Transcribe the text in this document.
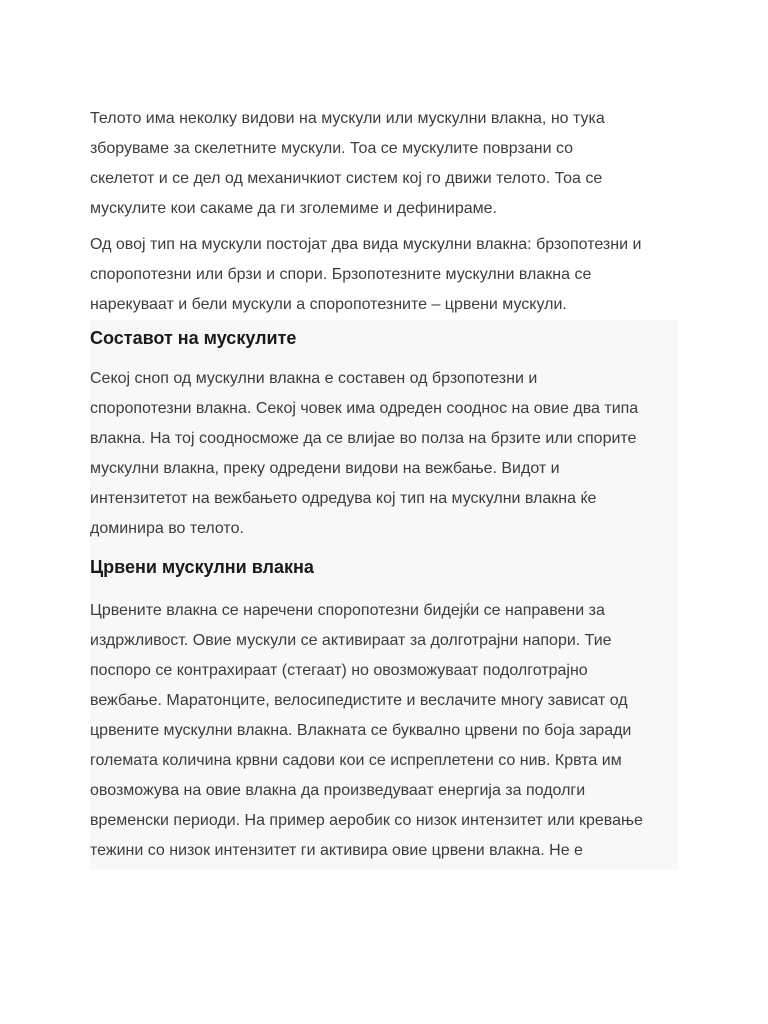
Телото има неколку видови на мускули или мускулни влакна, но тука
зборуваме за скелетните мускули. Тоа се мускулите поврзани со
скелетот и се дел од механичкиот систем кој го движи телото. Тоа се
мускулите кои сакаме да ги зголемиме и дефинираме.

Од овој тип на мускули постојат два вида мускулни влакна: брзопотезни и
споропотезни или брзи и спори. Брзопотезните мускулни влакна се
нарекуваат и бели мускули а споропотезните – црвени мускули.

Составот на мускулите

Секој сноп од мускулни влакна е составен од брзопотезни и
споропотезни влакна. Секој човек има одреден сооднос на овие два типа
влакна. На тој соодносможе да се влијае во полза на брзите или спорите
мускулни влакна, преку одредени видови на вежбање. Видот и
интензитетот на вежбањето одредува кој тип на мускулни влакна ќе
доминира во телото.

Црвени мускулни влакна

Црвените влакна се наречени споропотезни бидејќи се направени за
издржливост. Овие мускули се активираат за долготрајни напори. Тие
поспоро се контрахираат (стегаат) но овозможуваат подолготрајно
вежбање. Маратонците, велосипедистите и веслачите многу зависат од
црвените мускулни влакна. Влакната се буквално црвени по боја заради
големата количина крвни садови кои се испреплетени со нив. Крвта им
овозможува на овие влакна да произведуваат енергија за подолги
временски периоди. На пример аеробик со низок интензитет или кревање
тежини со низок интензитет ги активира овие црвени влакна. Не е
